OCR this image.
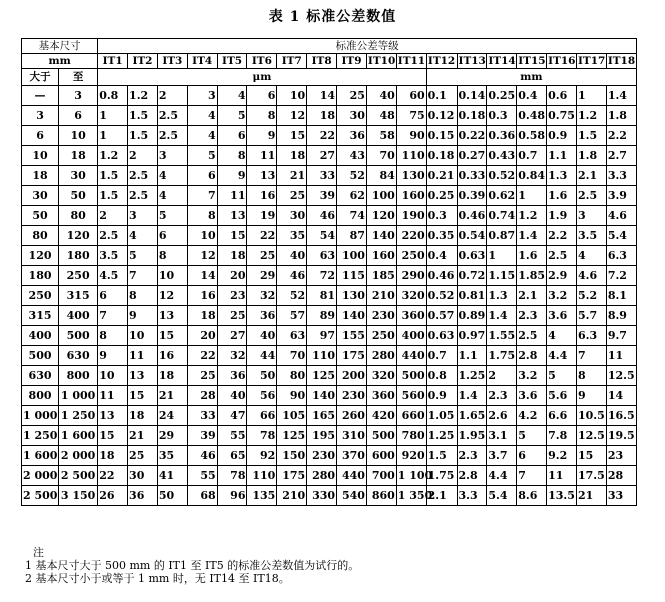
表 1 标准公差数值
基本尺寸		标准公差等级																	
mm		IT1	IT2	IT3	IT4	IT5	IT6	IT7	IT8	IT9	IT10	IT11	IT12	IT13	IT14	IT15	IT16	IT17	IT18
大于	至	μm											mm						
—	3	0.8	1.2	2	3	4	6	10	14	25	40	60	0.1	0.14	0.25	0.4	0.6	1	1.4
3	6	1	1.5	2.5	4	5	8	12	18	30	48	75	0.12	0.18	0.3	0.48	0.75	1.2	1.8
6	10	1	1.5	2.5	4	6	9	15	22	36	58	90	0.15	0.22	0.36	0.58	0.9	1.5	2.2
10	18	1.2	2	3	5	8	11	18	27	43	70	110	0.18	0.27	0.43	0.7	1.1	1.8	2.7
18	30	1.5	2.5	4	6	9	13	21	33	52	84	130	0.21	0.33	0.52	0.84	1.3	2.1	3.3
30	50	1.5	2.5	4	7	11	16	25	39	62	100	160	0.25	0.39	0.62	1	1.6	2.5	3.9
50	80	2	3	5	8	13	19	30	46	74	120	190	0.3	0.46	0.74	1.2	1.9	3	4.6
80	120	2.5	4	6	10	15	22	35	54	87	140	220	0.35	0.54	0.87	1.4	2.2	3.5	5.4
120	180	3.5	5	8	12	18	25	40	63	100	160	250	0.4	0.63	1	1.6	2.5	4	6.3
180	250	4.5	7	10	14	20	29	46	72	115	185	290	0.46	0.72	1.15	1.85	2.9	4.6	7.2
250	315	6	8	12	16	23	32	52	81	130	210	320	0.52	0.81	1.3	2.1	3.2	5.2	8.1
315	400	7	9	13	18	25	36	57	89	140	230	360	0.57	0.89	1.4	2.3	3.6	5.7	8.9
400	500	8	10	15	20	27	40	63	97	155	250	400	0.63	0.97	1.55	2.5	4	6.3	9.7
500	630	9	11	16	22	32	44	70	110	175	280	440	0.7	1.1	1.75	2.8	4.4	7	11
630	800	10	13	18	25	36	50	80	125	200	320	500	0.8	1.25	2	3.2	5	8	12.5
800	1 000	11	15	21	28	40	56	90	140	230	360	560	0.9	1.4	2.3	3.6	5.6	9	14
1 000	1 250	13	18	24	33	47	66	105	165	260	420	660	1.05	1.65	2.6	4.2	6.6	10.5	16.5
1 250	1 600	15	21	29	39	55	78	125	195	310	500	780	1.25	1.95	3.1	5	7.8	12.5	19.5
1 600	2 000	18	25	35	46	65	92	150	230	370	600	920	1.5	2.3	3.7	6	9.2	15	23
2 000	2 500	22	30	41	55	78	110	175	280	440	700	1 100	1.75	2.8	4.4	7	11	17.5	28
2 500	3 150	26	36	50	68	96	135	210	330	540	860	1 350	2.1	3.3	5.4	8.6	13.5	21	33
注
1 基本尺寸大于 500 mm 的 IT1 至 IT5 的标准公差数值为试行的。
2 基本尺寸小于或等于 1 mm 时，无 IT14 至 IT18。
